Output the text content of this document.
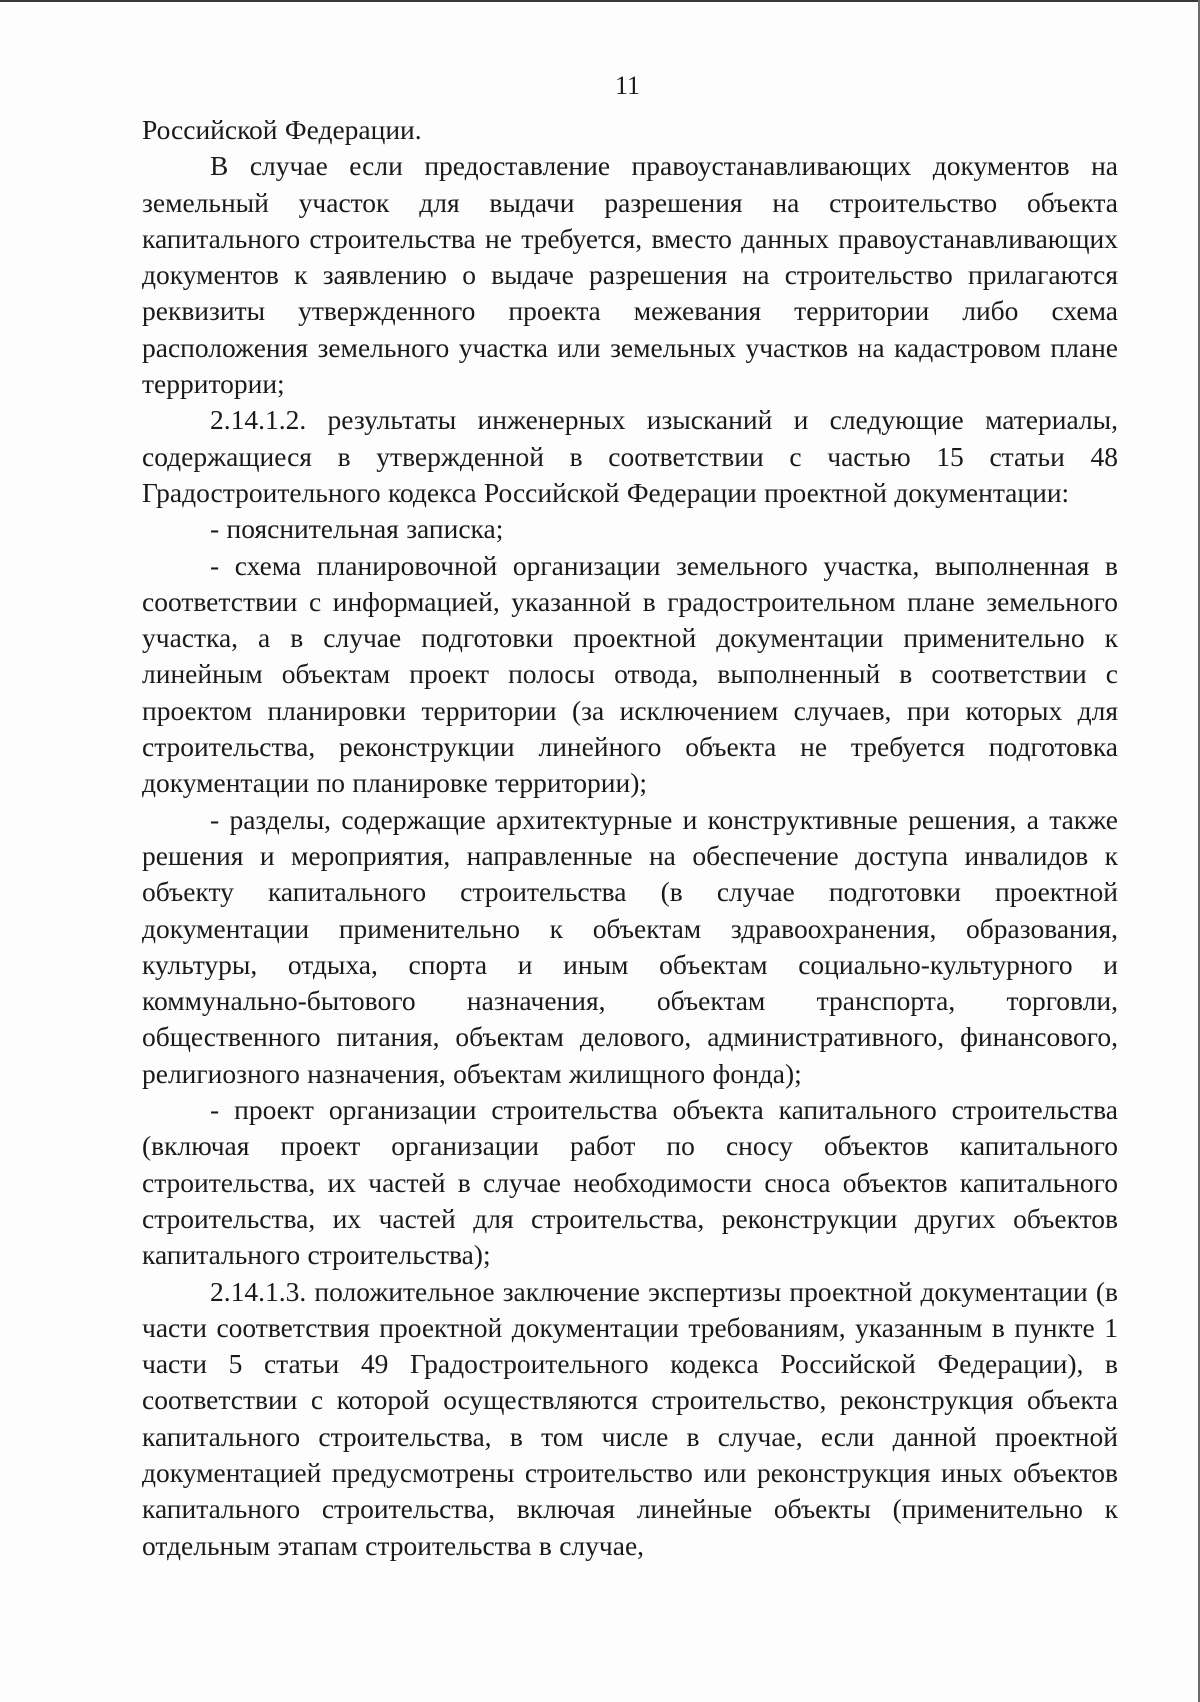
11

Российской Федерации.

В случае если предоставление правоустанавливающих документов на земельный участок для выдачи разрешения на строительство объекта капитального строительства не требуется, вместо данных правоустанавливающих документов к заявлению о выдаче разрешения на строительство прилагаются реквизиты утвержденного проекта межевания территории либо схема расположения земельного участка или земельных участков на кадастровом плане территории;

2.14.1.2. результаты инженерных изысканий и следующие материалы, содержащиеся в утвержденной в соответствии с частью 15 статьи 48 Градостроительного кодекса Российской Федерации проектной документации:

- пояснительная записка;

- схема планировочной организации земельного участка, выполненная в соответствии с информацией, указанной в градостроительном плане земельного участка, а в случае подготовки проектной документации применительно к линейным объектам проект полосы отвода, выполненный в соответствии с проектом планировки территории (за исключением случаев, при которых для строительства, реконструкции линейного объекта не требуется подготовка документации по планировке территории);

- разделы, содержащие архитектурные и конструктивные решения, а также решения и мероприятия, направленные на обеспечение доступа инвалидов к объекту капитального строительства (в случае подготовки проектной документации применительно к объектам здравоохранения, образования, культуры, отдыха, спорта и иным объектам социально-культурного и коммунально-бытового назначения, объектам транспорта, торговли, общественного питания, объектам делового, административного, финансового, религиозного назначения, объектам жилищного фонда);

- проект организации строительства объекта капитального строительства (включая проект организации работ по сносу объектов капитального строительства, их частей в случае необходимости сноса объектов капитального строительства, их частей для строительства, реконструкции других объектов капитального строительства);

2.14.1.3. положительное заключение экспертизы проектной документации (в части соответствия проектной документации требованиям, указанным в пункте 1 части 5 статьи 49 Градостроительного кодекса Российской Федерации), в соответствии с которой осуществляются строительство, реконструкция объекта капитального строительства, в том числе в случае, если данной проектной документацией предусмотрены строительство или реконструкция иных объектов капитального строительства, включая линейные объекты (применительно к отдельным этапам строительства в случае,
